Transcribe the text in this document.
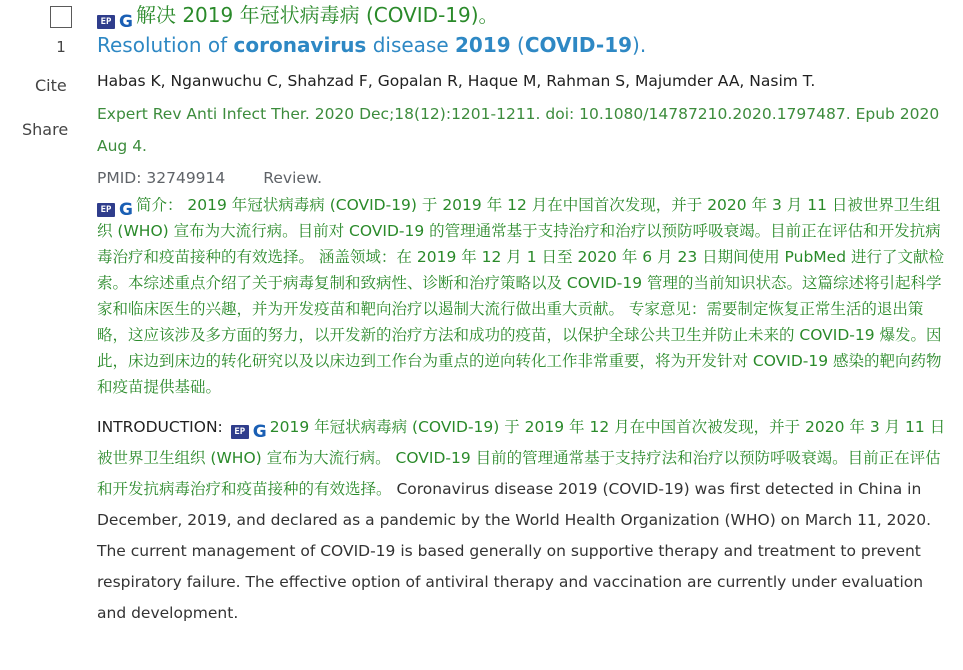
1
Cite
Share
EP G 解决 2019 年冠状病毒病 (COVID-19)。
Resolution of coronavirus disease 2019 (COVID-19).
Habas K, Nganwuchu C, Shahzad F, Gopalan R, Haque M, Rahman S, Majumder AA, Nasim T.
Expert Rev Anti Infect Ther. 2020 Dec;18(12):1201-1211. doi: 10.1080/14787210.2020.1797487. Epub 2020 Aug 4.
PMID: 32749914 Review.
EP G 简介： 2019 年冠状病毒病 (COVID-19) 于 2019 年 12 月在中国首次发现，并于 2020 年 3 月 11 日被世界卫生组织 (WHO) 宣布为大流行病。目前对 COVID-19 的管理通常基于支持治疗和治疗以预防呼吸衰竭。目前正在评估和开发抗病毒治疗和疫苗接种的有效选择。 涵盖领域：在 2019 年 12 月 1 日至 2020 年 6 月 23 日期间使用 PubMed 进行了文献检索。本综述重点介绍了关于病毒复制和致病性、诊断和治疗策略以及 COVID-19 管理的当前知识状态。这篇综述将引起科学家和临床医生的兴趣，并为开发疫苗和靶向治疗以遏制大流行做出重大贡献。 专家意见：需要制定恢复正常生活的退出策略，这应该涉及多方面的努力，以开发新的治疗方法和成功的疫苗，以保护全球公共卫生并防止未来的 COVID-19 爆发。因此，床边到床边的转化研究以及以床边到工作台为重点的逆向转化工作非常重要，将为开发针对 COVID-19 感染的靶向药物和疫苗提供基础。
INTRODUCTION:	EP G 2019 年冠状病毒病 (COVID-19) 于 2019 年 12 月在中国首次被发现，并于 2020 年 3 月 11 日被世界卫生组织 (WHO) 宣布为大流行病。 COVID-19 目前的管理通常基于支持疗法和治疗以预防呼吸衰竭。目前正在评估和开发抗病毒治疗和疫苗接种的有效选择。 Coronavirus disease 2019 (COVID-19) was first detected in China in December, 2019, and declared as a pandemic by the World Health Organization (WHO) on March 11, 2020. The current management of COVID-19 is based generally on supportive therapy and treatment to prevent respiratory failure. The effective option of antiviral therapy and vaccination are currently under evaluation and development.
